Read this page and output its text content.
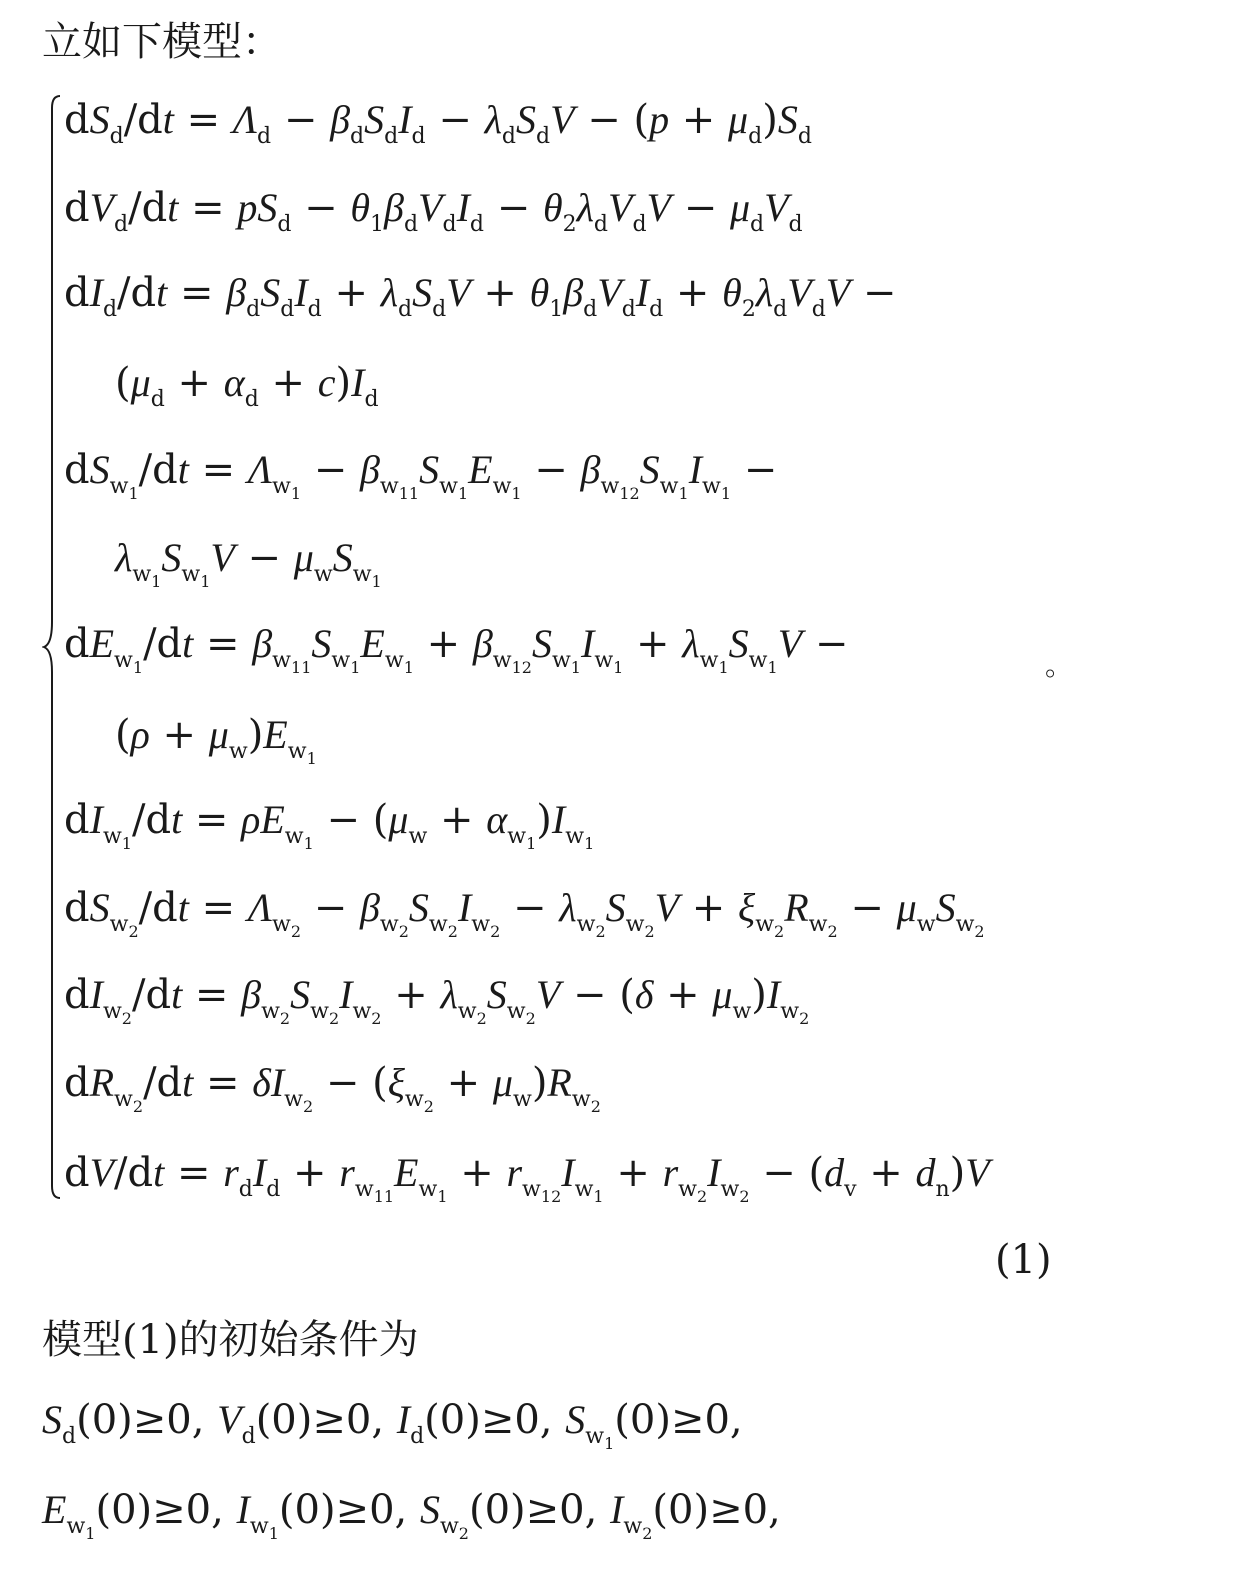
立如下模型：
$dS_d/dt = \Lambda_d - \beta_dS_dI_d - \lambda_dS_dV - (p + \mu_d)S_d$
$dV_d/dt = pS_d - \theta_1\beta_dV_dI_d - \theta_2\lambda_dV_dV - \mu_dV_d$
$dI_d/dt = \beta_dS_dI_d + \lambda_dS_dV + \theta_1\beta_dV_dI_d + \theta_2\lambda_dV_dV$ −
$(\mu_d + \alpha_d + c)I_d$
$dS_{w_1}/dt = \Lambda_{w_1} - \beta_{w_{11}}S_{w_1}E_{w_1} - \beta_{w_{12}}S_{w_1}I_{w_1}$ −
$\lambda_{w_1}S_{w_1}V - \mu_wS_{w_1}$
$dE_{w_1}/dt = \beta_{w_{11}}S_{w_1}E_{w_1} + \beta_{w_{12}}S_{w_1}I_{w_1} + \lambda_{w_1}S_{w_1}V$ −
$(\rho + \mu_w)E_{w_1}$
$dI_{w_1}/dt = \rho E_{w_1} - (\mu_w + \alpha_{w_1})I_{w_1}$
$dS_{w_2}/dt = \Lambda_{w_2} - \beta_{w_2}S_{w_2}I_{w_2} - \lambda_{w_2}S_{w_2}V + \xi_{w_2}R_{w_2} - \mu_wS_{w_2}$
$dI_{w_2}/dt = \beta_{w_2}S_{w_2}I_{w_2} + \lambda_{w_2}S_{w_2}V - (\delta + \mu_w)I_{w_2}$
$dR_{w_2}/dt = \delta I_{w_2} - (\xi_{w_2} + \mu_w)R_{w_2}$
$dV/dt = r_dI_d + r_{w_{11}}E_{w_1} + r_{w_{12}}I_{w_1} + r_{w_2}I_{w_2} - (d_v + d_n)V$
。
(1)
模型(1)的初始条件为
$S_d(0)\ge 0$, $V_d(0)\ge 0$, $I_d(0)\ge 0$, $S_{w_1}(0)\ge 0$,
$E_{w_1}(0)\ge 0$, $I_{w_1}(0)\ge 0$, $S_{w_2}(0)\ge 0$, $I_{w_2}(0)\ge 0$,
